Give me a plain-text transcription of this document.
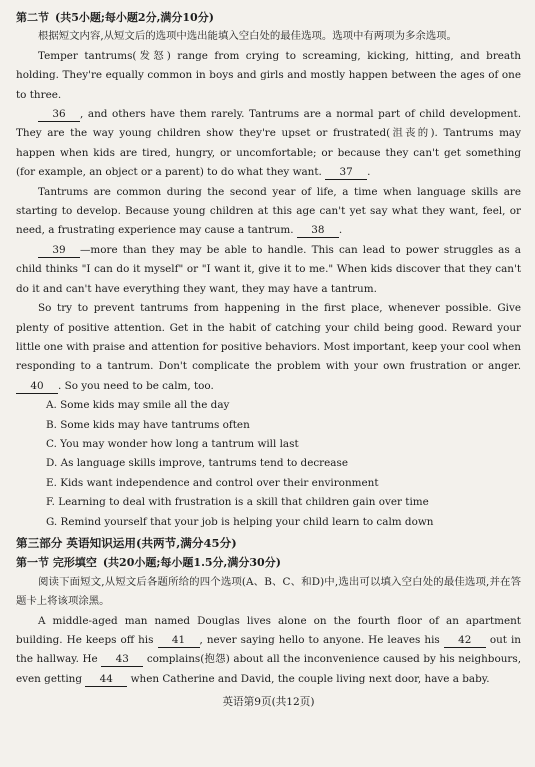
第二节 (共5小题;每小题2分,满分10分)

根据短文内容,从短文后的选项中选出能填入空白处的最佳选项。选项中有两项为多余选项。

Temper tantrums(发怒) range from crying to screaming, kicking, hitting, and breath holding. They're equally common in boys and girls and mostly happen between the ages of one to three.

36 , and others have them rarely. Tantrums are a normal part of child development. They are the way young children show they're upset or frustrated(沮丧的). Tantrums may happen when kids are tired, hungry, or uncomfortable; or because they can't get something (for example, an object or a parent) to do what they want. 37 .

Tantrums are common during the second year of life, a time when language skills are starting to develop. Because young children at this age can't yet say what they want, feel, or need, a frustrating experience may cause a tantrum. 38 .

39 —more than they may be able to handle. This can lead to power struggles as a child thinks "I can do it myself" or "I want it, give it to me." When kids discover that they can't do it and can't have everything they want, they may have a tantrum.

So try to prevent tantrums from happening in the first place, whenever possible. Give plenty of positive attention. Get in the habit of catching your child being good. Reward your little one with praise and attention for positive behaviors. Most important, keep your cool when responding to a tantrum. Don't complicate the problem with your own frustration or anger. 40 . So you need to be calm, too.

A. Some kids may smile all the day
B. Some kids may have tantrums often
C. You may wonder how long a tantrum will last
D. As language skills improve, tantrums tend to decrease
E. Kids want independence and control over their environment
F. Learning to deal with frustration is a skill that children gain over time
G. Remind yourself that your job is helping your child learn to calm down
第三部分 英语知识运用(共两节,满分45分)
第一节 完形填空 (共20小题;每小题1.5分,满分30分)

阅读下面短文,从短文后各题所给的四个选项(A、B、C、和D)中,选出可以填入空白处的最佳选项,并在答题卡上将该项涂黑。

A middle-aged man named Douglas lives alone on the fourth floor of an apartment building. He keeps off his 41 , never saying hello to anyone. He leaves his 42 out in the hallway. He 43 complains(抱怨) about all the inconvenience caused by his neighbours, even getting 44 when Catherine and David, the couple living next door, have a baby.

英语第9页(共12页)
